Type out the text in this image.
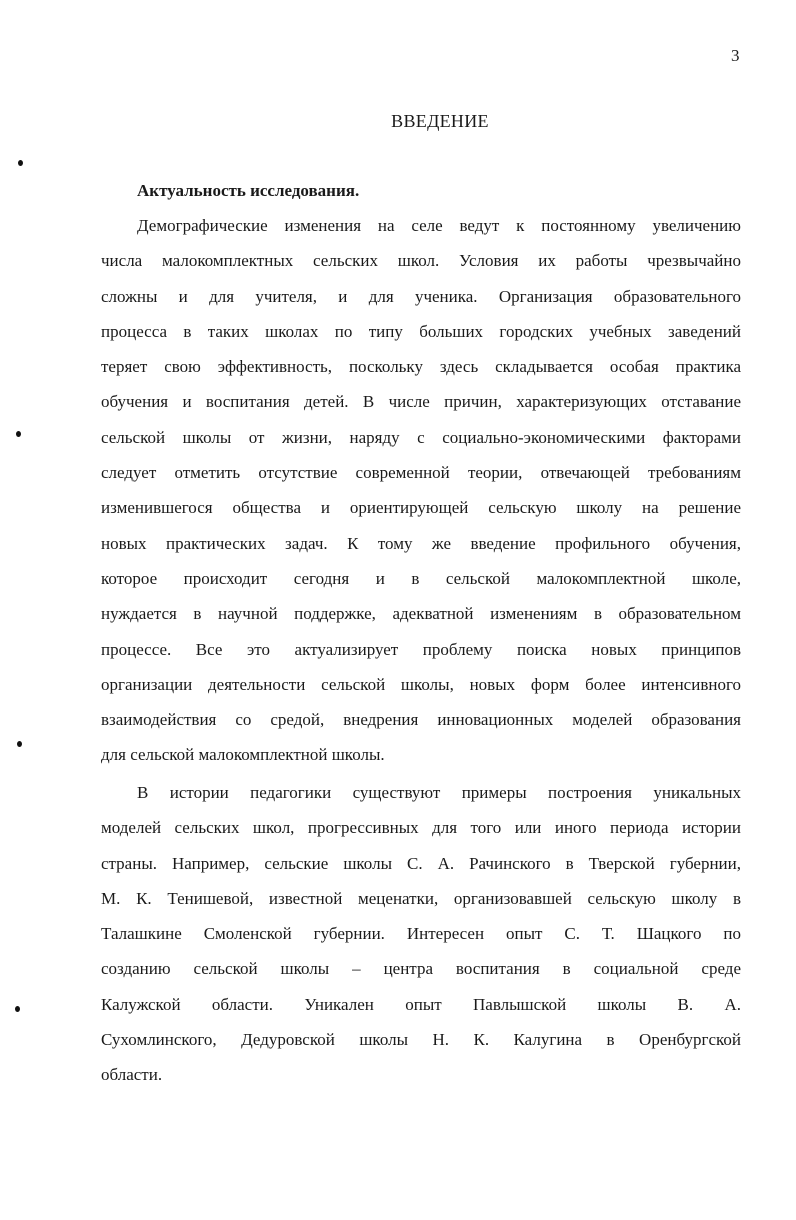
3
ВВЕДЕНИЕ
Актуальность исследования.
Демографические изменения на селе ведут к постоянному увеличению
числа малокомплектных сельских школ. Условия их работы чрезвычайно
сложны и для учителя, и для ученика. Организация образовательного
процесса в таких школах по типу больших городских учебных заведений
теряет свою эффективность, поскольку здесь складывается особая практика
обучения и воспитания детей. В числе причин, характеризующих отставание
сельской школы от жизни, наряду с социально-экономическими факторами
следует отметить отсутствие современной теории, отвечающей требованиям
изменившегося общества и ориентирующей сельскую школу на решение
новых практических задач. К тому же введение профильного обучения,
которое происходит сегодня и в сельской малокомплектной школе,
нуждается в научной поддержке, адекватной изменениям в образовательном
процессе. Все это актуализирует проблему поиска новых принципов
организации деятельности сельской школы, новых форм более интенсивного
взаимодействия со средой, внедрения инновационных моделей образования
для сельской малокомплектной школы.
В истории педагогики существуют примеры построения уникальных
моделей сельских школ, прогрессивных для того или иного периода истории
страны. Например, сельские школы С. А. Рачинского в Тверской губернии,
М. К. Тенишевой, известной меценатки, организовавшей сельскую школу в
Талашкине Смоленской губернии. Интересен опыт С. Т. Шацкого по
созданию сельской школы – центра воспитания в социальной среде
Калужской области. Уникален опыт Павлышской школы В. А.
Сухомлинского, Дедуровской школы Н. К. Калугина в Оренбургской
области.
